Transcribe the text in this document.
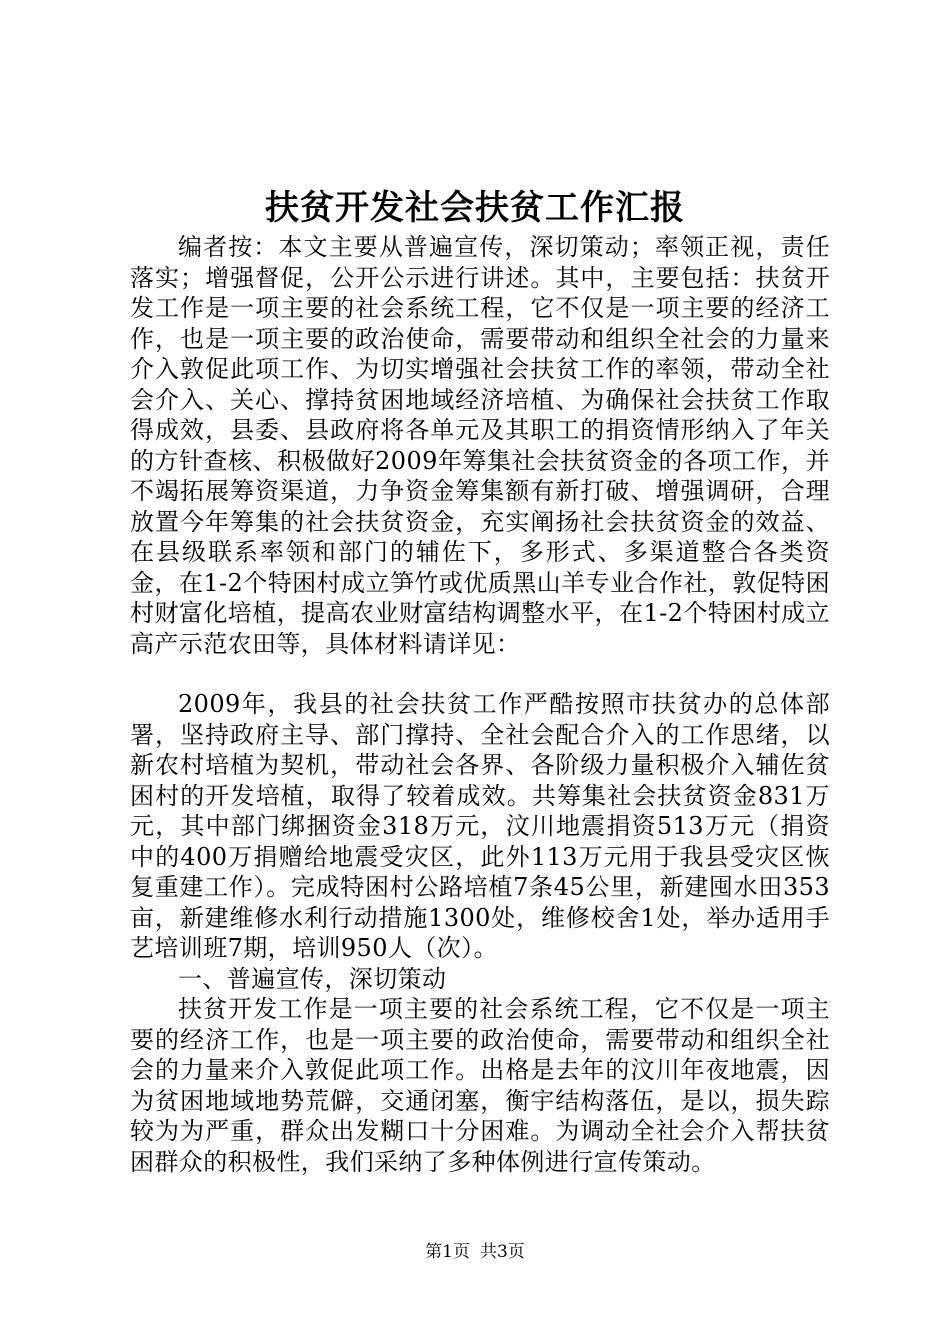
扶贫开发社会扶贫工作汇报

编者按：本文主要从普遍宣传，深切策动；率领正视，责任落实；增强督促，公开公示进行讲述。其中，主要包括：扶贫开发工作是一项主要的社会系统工程，它不仅是一项主要的经济工作，也是一项主要的政治使命，需要带动和组织全社会的力量来介入敦促此项工作、为切实增强社会扶贫工作的率领，带动全社会介入、关心、撑持贫困地域经济培植、为确保社会扶贫工作取得成效，县委、县政府将各单元及其职工的捐资情形纳入了年关的方针查核、积极做好2009年筹集社会扶贫资金的各项工作，并不竭拓展筹资渠道，力争资金筹集额有新打破、增强调研，合理放置今年筹集的社会扶贫资金，充实阐扬社会扶贫资金的效益、在县级联系率领和部门的辅佐下，多形式、多渠道整合各类资金，在1-2个特困村成立笋竹或优质黑山羊专业合作社，敦促特困村财富化培植，提高农业财富结构调整水平，在1-2个特困村成立高产示范农田等，具体材料请详见：

2009年，我县的社会扶贫工作严酷按照市扶贫办的总体部署，坚持政府主导、部门撑持、全社会配合介入的工作思绪，以新农村培植为契机，带动社会各界、各阶级力量积极介入辅佐贫困村的开发培植，取得了较着成效。共筹集社会扶贫资金831万元，其中部门绑捆资金318万元，汶川地震捐资513万元（捐资中的400万捐赠给地震受灾区，此外113万元用于我县受灾区恢复重建工作）。完成特困村公路培植7条45公里，新建囤水田353亩，新建维修水利行动措施1300处，维修校舍1处，举办适用手艺培训班7期，培训950人（次）。

一、普遍宣传，深切策动

扶贫开发工作是一项主要的社会系统工程，它不仅是一项主要的经济工作，也是一项主要的政治使命，需要带动和组织全社会的力量来介入敦促此项工作。出格是去年的汶川年夜地震，因为贫困地域地势荒僻，交通闭塞，衡宇结构落伍，是以，损失踪较为为严重，群众出发糊口十分困难。为调动全社会介入帮扶贫困群众的积极性，我们采纳了多种体例进行宣传策动。

第1页 共3页
